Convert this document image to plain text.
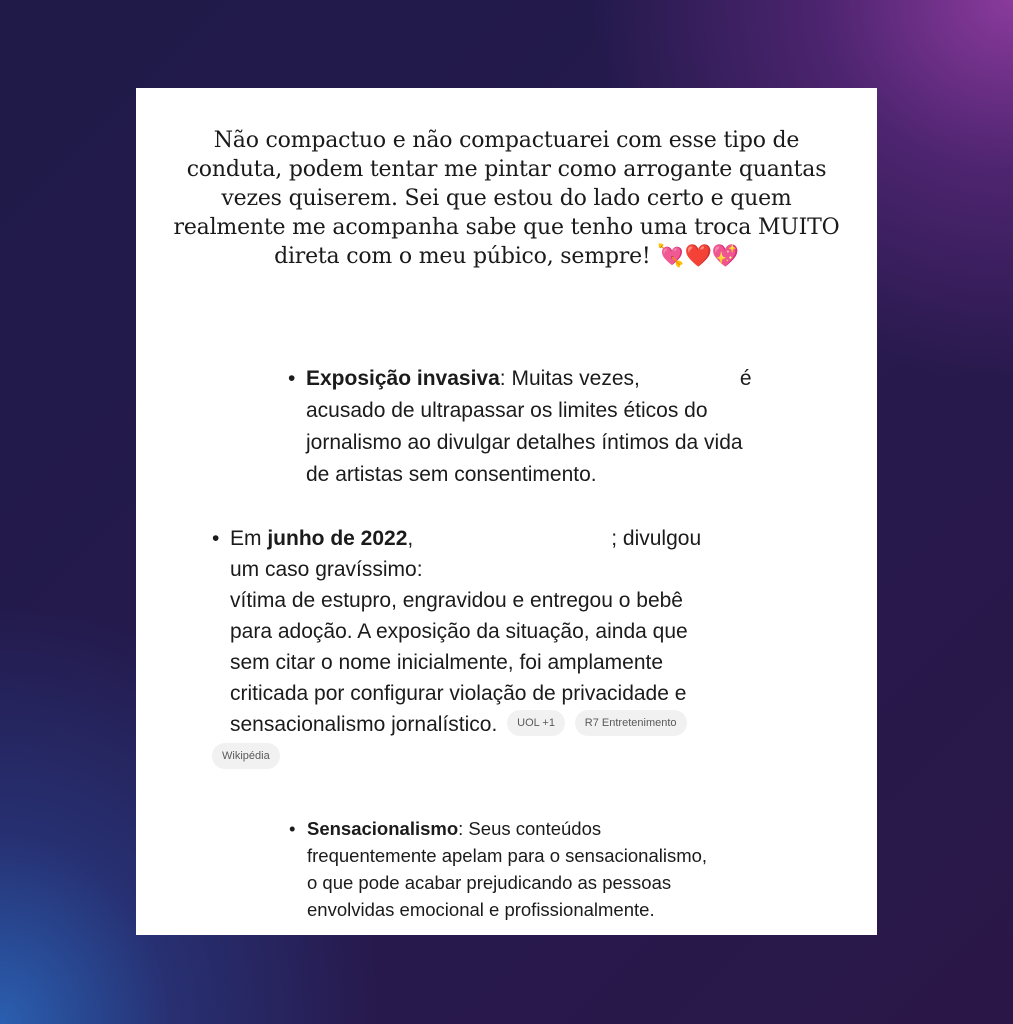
Não compactuo e não compactuarei com esse tipo de
conduta, podem tentar me pintar como arrogante quantas
vezes quiserem. Sei que estou do lado certo e quem
realmente me acompanha sabe que tenho uma troca MUITO
direta com o meu púbico, sempre! 💘❤️💖
• Exposição invasiva: Muitas vezes,	é
acusado de ultrapassar os limites éticos do
jornalismo ao divulgar detalhes íntimos da vida
de artistas sem consentimento.
• Em junho de 2022,	; divulgou
um caso gravíssimo:
vítima de estupro, engravidou e entregou o bebê
para adoção. A exposição da situação, ainda que
sem citar o nome inicialmente, foi amplamente
criticada por configurar violação de privacidade e
sensacionalismo jornalístico. UOL +1	R7 Entretenimento
Wikipédia
• Sensacionalismo: Seus conteúdos
frequentemente apelam para o sensacionalismo,
o que pode acabar prejudicando as pessoas
envolvidas emocional e profissionalmente.
